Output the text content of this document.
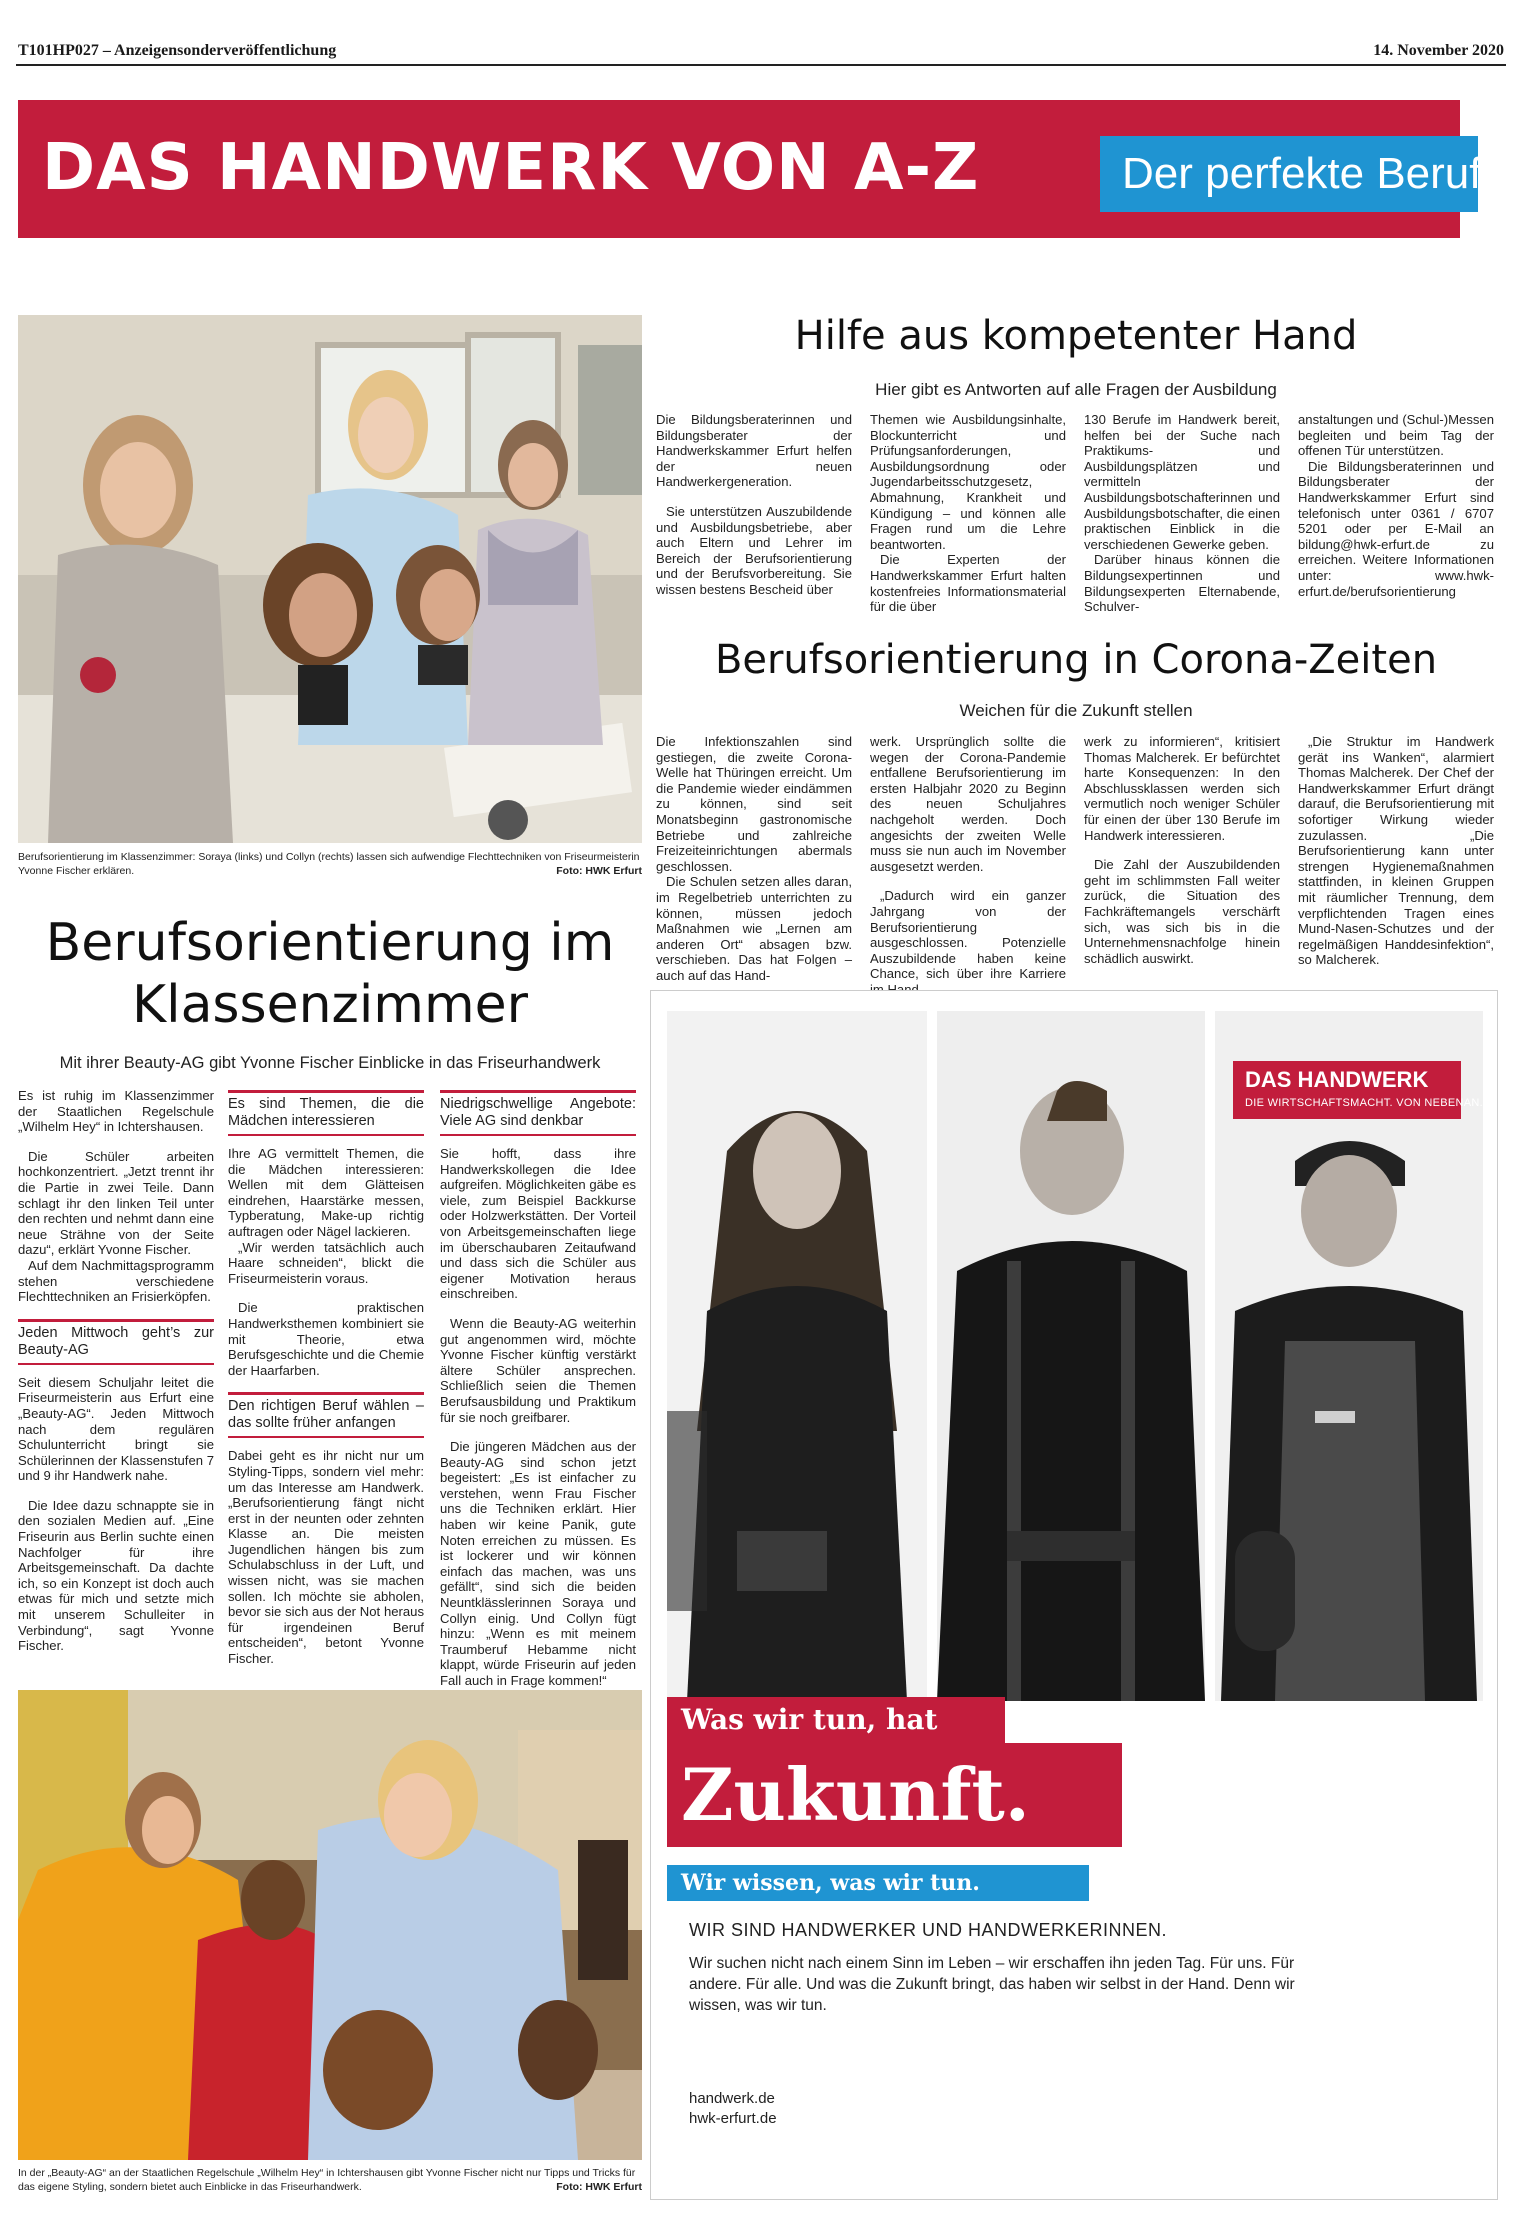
T101HP027 – Anzeigensonderveröffentlichung	14. November 2020
DAS HANDWERK VON A-Z	Der perfekte Beruf
Berufsorientierung im Klassenzimmer: Soraya (links) und Collyn (rechts) lassen sich aufwendige Flechttechniken von Friseurmeisterin Yvonne Fischer erklären.	Foto: HWK Erfurt
Hilfe aus kompetenter Hand
Hier gibt es Antworten auf alle Fragen der Ausbildung

Die Bildungsberaterinnen und Bildungsberater der Handwerkskammer Erfurt helfen der neuen Handwerkergeneration.

Sie unterstützen Auszubildende und Ausbildungsbetriebe, aber auch Eltern und Lehrer im Bereich der Berufsorientierung und der Berufsvorbereitung. Sie wissen bestens Bescheid über

Themen wie Ausbildungsinhalte, Blockunterricht und Prüfungsanforderungen, Ausbildungsordnung oder Jugendarbeitsschutzgesetz, Abmahnung, Krankheit und Kündigung – und können alle Fragen rund um die Lehre beantworten.

Die Experten der Handwerkskammer Erfurt halten kostenfreies Informationsmaterial für die über

130 Berufe im Handwerk bereit, helfen bei der Suche nach Praktikums- und Ausbildungsplätzen und vermitteln Ausbildungsbotschafterinnen und Ausbildungsbotschafter, die einen praktischen Einblick in die verschiedenen Gewerke geben.

Darüber hinaus können die Bildungsexpertinnen und Bildungsexperten Elternabende, Schulver-

anstaltungen und (Schul-)Messen begleiten und beim Tag der offenen Tür unterstützen.

Die Bildungsberaterinnen und Bildungsberater der Handwerkskammer Erfurt sind telefonisch unter 0361 / 6707 5201 oder per E-Mail an bildung@hwk-erfurt.de zu erreichen. Weitere Informationen unter: www.hwk-erfurt.de/berufsorientierung

Berufsorientierung in Corona-Zeiten
Weichen für die Zukunft stellen

Die Infektionszahlen sind gestiegen, die zweite Corona-Welle hat Thüringen erreicht. Um die Pandemie wieder eindämmen zu können, sind seit Monatsbeginn gastronomische Betriebe und zahlreiche Freizeiteinrichtungen abermals geschlossen.

Die Schulen setzen alles daran, im Regelbetrieb unterrichten zu können, müssen jedoch Maßnahmen wie „Lernen am anderen Ort“ absagen bzw. verschieben. Das hat Folgen – auch auf das Hand-

werk. Ursprünglich sollte die wegen der Corona-Pandemie entfallene Berufsorientierung im ersten Halbjahr 2020 zu Beginn des neuen Schuljahres nachgeholt werden. Doch angesichts der zweiten Welle muss sie nun auch im November ausgesetzt werden.

„Dadurch wird ein ganzer Jahrgang von der Berufsorientierung ausgeschlossen. Potenzielle Auszubildende haben keine Chance, sich über ihre Karriere

werk zu informieren“, kritisiert Thomas Malcherek. Er befürchtet harte Konsequenzen: In den Abschlussklassen werden sich vermutlich noch weniger Schüler für einen der über 130 Berufe im Handwerk interessieren.

Die Zahl der Auszubildenden geht im schlimmsten Fall weiter zurück, die Situation des Fachkräftemangels verschärft sich, was sich bis in die Unternehmensnachfolge hinein schädlich auswirkt.

„Die Struktur im Handwerk gerät ins Wanken“, alarmiert Thomas Malcherek. Der Chef der Handwerkskammer Erfurt drängt darauf, die Berufsorientierung mit sofortiger Wirkung wieder zuzulassen. „Die Berufsorientierung kann unter strengen Hygienemaßnahmen stattfinden, in kleinen Gruppen mit räumlicher Trennung, dem verpflichtenden Tragen eines Mund-Nasen-Schutzes und der regelmäßigen Handdesinfektion“, so Malcherek.

Berufsorientierung im
Klassenzimmer
Mit ihrer Beauty-AG gibt Yvonne Fischer Einblicke in das Friseurhandwerk

Es ist ruhig im Klassenzimmer der Staatlichen Regelschule „Wilhelm Hey“ in Ichtershausen.

Die Schüler arbeiten hochkonzentriert. „Jetzt trennt ihr die Partie in zwei Teile. Dann schlagt ihr den linken Teil unter den rechten und nehmt dann eine neue Strähne von der Seite dazu“, erklärt Yvonne Fischer.

Auf dem Nachmittagsprogramm stehen verschiedene Flechttechniken an Frisierköpfen.

Jeden Mittwoch geht’s zur Beauty-AG

Seit diesem Schuljahr leitet die Friseurmeisterin aus Erfurt eine „Beauty-AG“. Jeden Mittwoch nach dem regulären Schulunterricht bringt sie Schülerinnen der Klassenstufen 7 und 9 ihr Handwerk nahe.

Die Idee dazu schnappte sie in den sozialen Medien auf. „Eine Friseurin aus Berlin suchte einen Nachfolger für ihre Arbeitsgemeinschaft. Da dachte ich, so ein Konzept ist doch auch etwas für mich und setzte mich mit unserem Schulleiter in Verbindung“, sagt Yvonne Fischer.

Es sind Themen, die die Mädchen interessieren

Ihre AG vermittelt Themen, die die Mädchen interessieren: Wellen mit dem Glätteisen eindrehen, Haarstärke messen, Typberatung, Make-up richtig auftragen oder Nägel lackieren.

„Wir werden tatsächlich auch Haare schneiden“, blickt die Friseurmeisterin voraus.

Die praktischen Handwerksthemen kombiniert sie mit Theorie, etwa Berufsgeschichte und die Chemie der Haarfarben.

Den richtigen Beruf wählen – das sollte früher anfangen

Dabei geht es ihr nicht nur um Styling-Tipps, sondern viel mehr: um das Interesse am Handwerk. „Berufsorientierung fängt nicht erst in der neunten oder zehnten Klasse an. Die meisten Jugendlichen hängen bis zum Schulabschluss in der Luft, und wissen nicht, was sie machen sollen. Ich möchte sie abholen, bevor sie sich aus der Not heraus für irgendeinen Beruf entscheiden“, betont Yvonne Fischer.

Niedrigschwellige Angebote: Viele AG sind denkbar

Sie hofft, dass ihre Handwerkskollegen die Idee aufgreifen. Möglichkeiten gäbe es viele, zum Beispiel Backkurse oder Holzwerkstätten. Der Vorteil von Arbeitsgemeinschaften liege im überschaubaren Zeitaufwand und dass sich die Schüler aus eigener Motivation heraus einschreiben.

Wenn die Beauty-AG weiterhin gut angenommen wird, möchte Yvonne Fischer künftig verstärkt ältere Schüler ansprechen. Schließlich seien die Themen Berufsausbildung und Praktikum für sie noch greifbarer.

Die jüngeren Mädchen aus der Beauty-AG sind schon jetzt begeistert: „Es ist einfacher zu verstehen, wenn Frau Fischer uns die Techniken erklärt. Hier haben wir keine Panik, gute Noten erreichen zu müssen. Es ist lockerer und wir können einfach das machen, was uns gefällt“, sind sich die beiden Neuntklässlerinnen Soraya und Collyn einig. Und Collyn fügt hinzu: „Wenn es mit meinem Traumberuf Hebamme nicht klappt, würde Friseurin auf jeden Fall auch in Frage kommen!“

In der „Beauty-AG“ an der Staatlichen Regelschule „Wilhelm Hey“ in Ichtershausen gibt Yvonne Fischer nicht nur Tipps und Tricks für das eigene Styling, sondern bietet auch Einblicke in das Friseurhandwerk.	Foto: HWK Erfurt
DAS HANDWERK
DIE WIRTSCHAFTSMACHT. VON NEBENAN.
Was wir tun, hat
Zukunft.
Wir wissen, was wir tun.
WIR SIND HANDWERKER UND HANDWERKERINNEN.
Wir suchen nicht nach einem Sinn im Leben – wir erschaffen ihn jeden Tag. Für uns. Für andere. Für alle. Und was die Zukunft bringt, das haben wir selbst in der Hand. Denn wir wissen, was wir tun.
handwerk.de
hwk-erfurt.de
